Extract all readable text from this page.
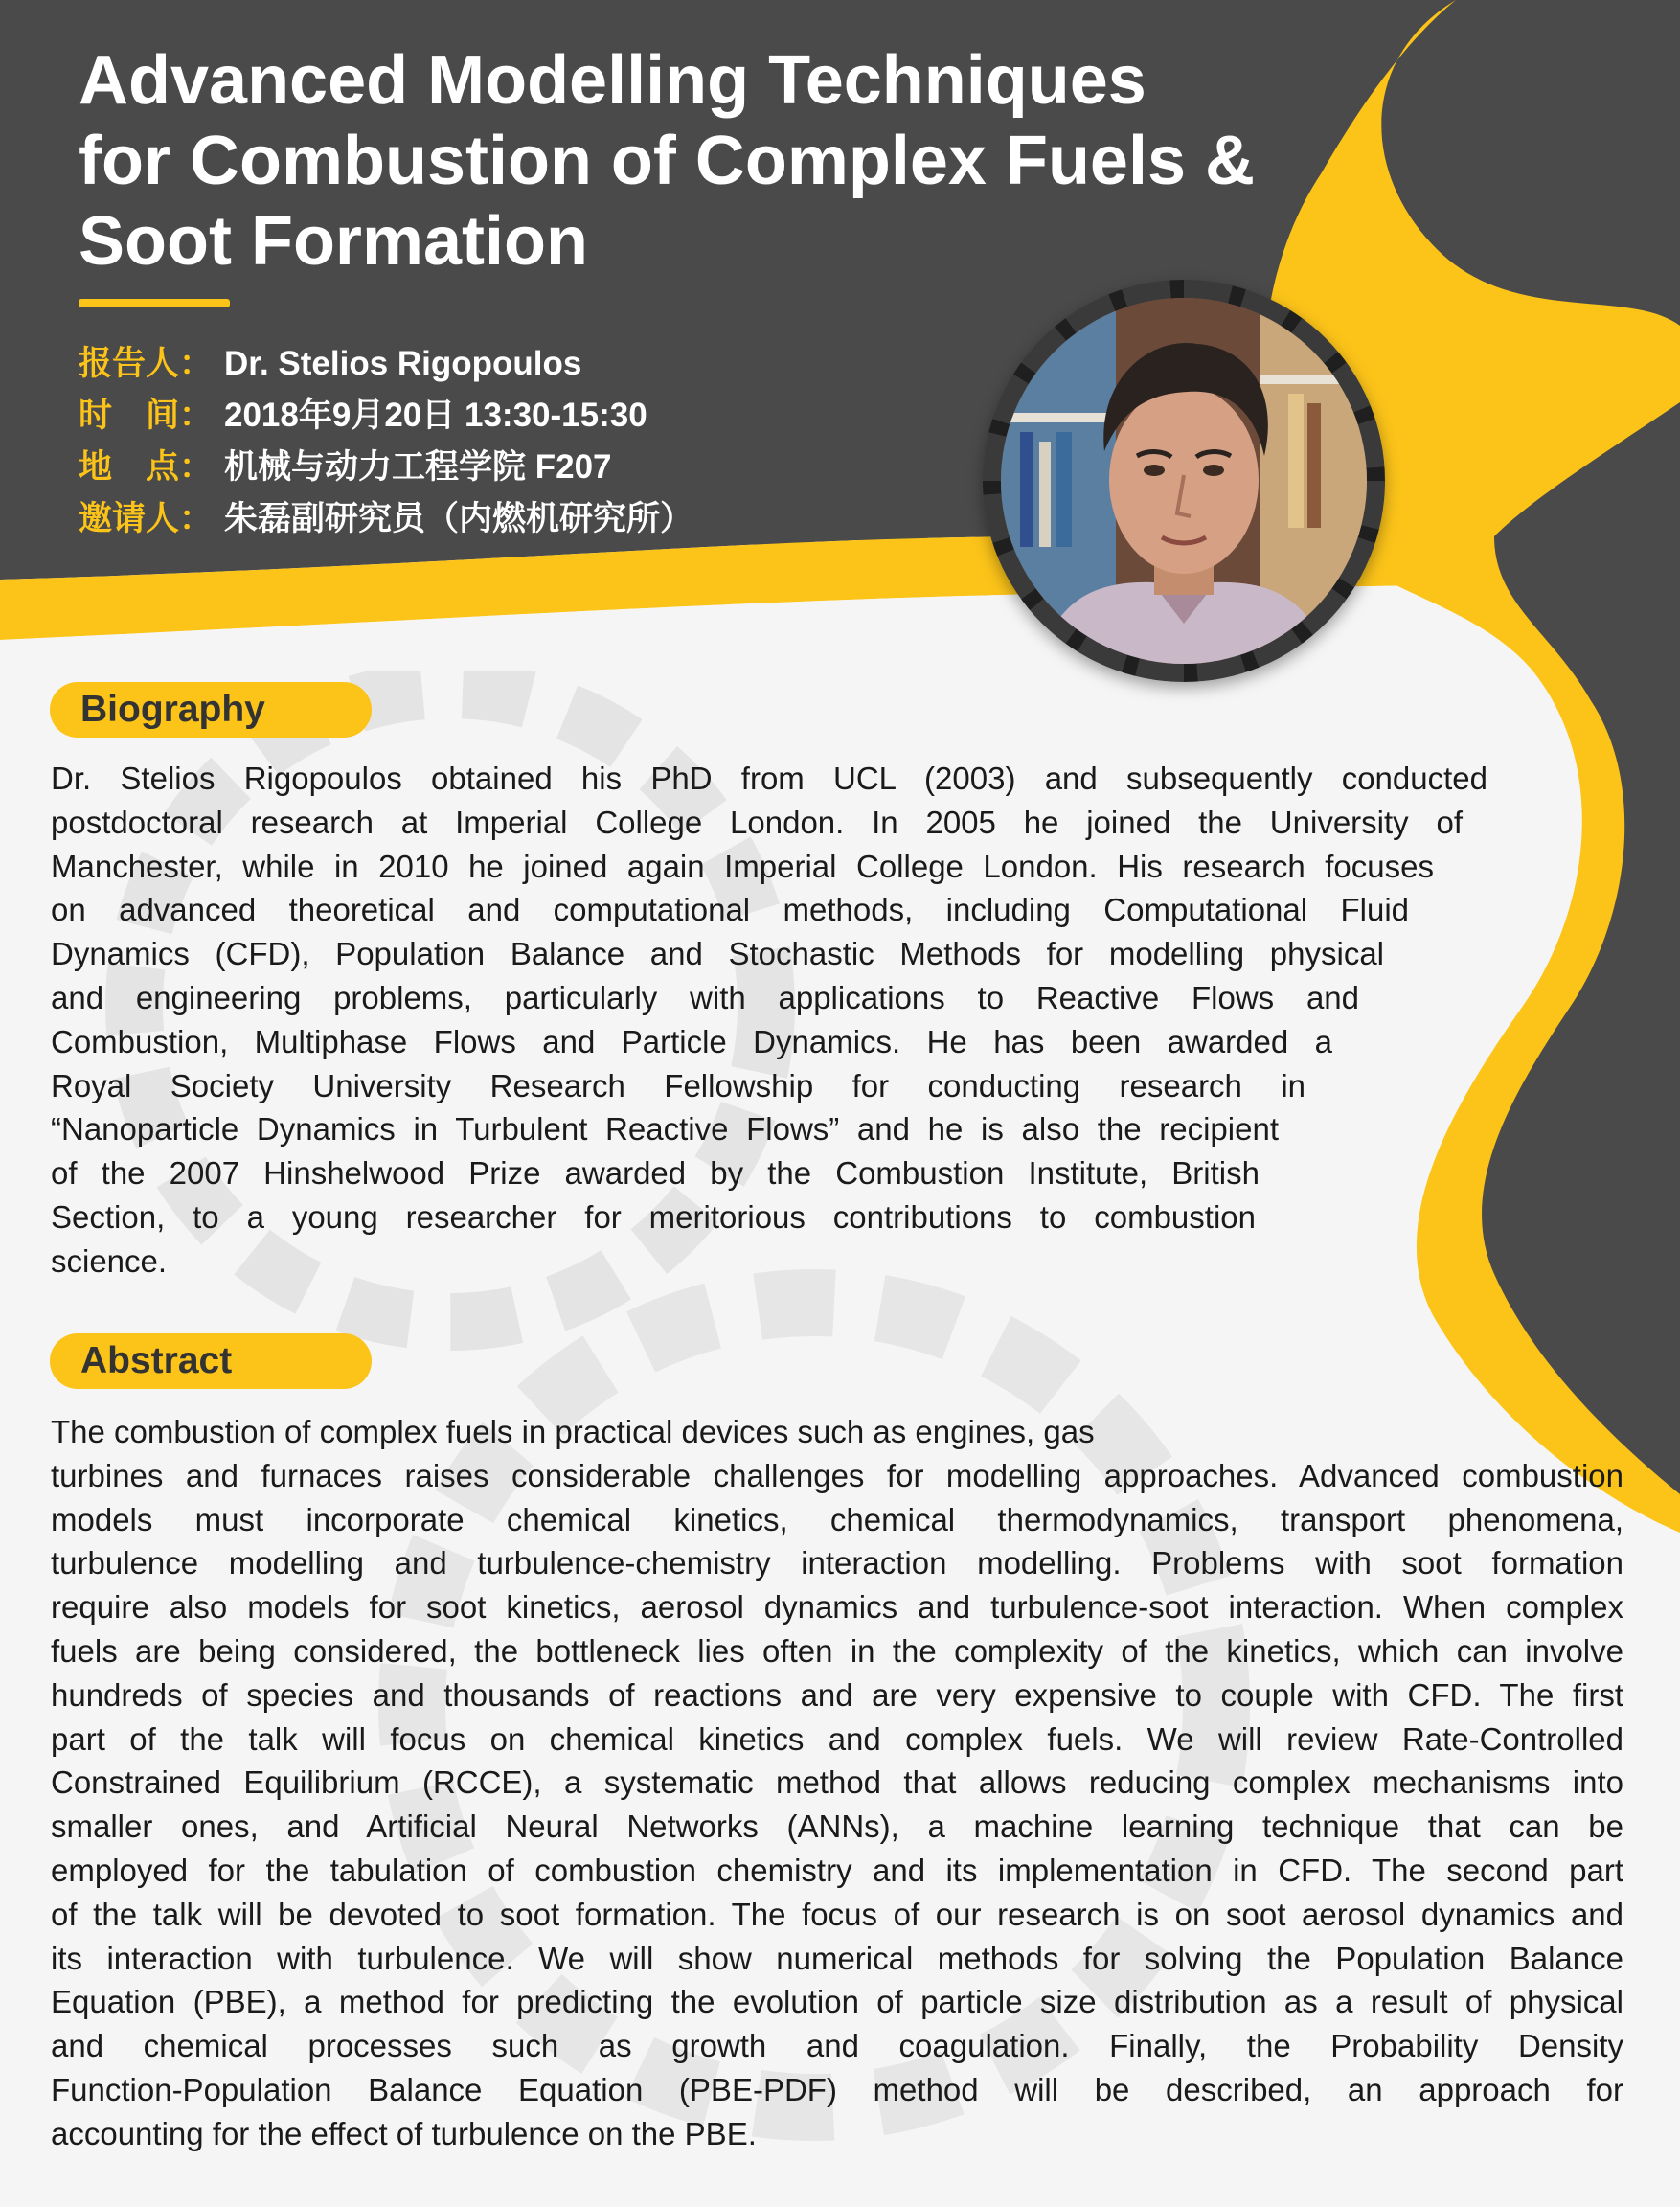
Advanced Modelling Techniques
for Combustion of Complex Fuels &
Soot Formation
报告人： Dr. Stelios Rigopoulos
时　间： 2018年9月20日 13:30-15:30
地　点： 机械与动力工程学院 F207
邀请人： 朱磊副研究员（内燃机研究所）
Biography

Dr. Stelios Rigopoulos obtained his PhD from UCL (2003) and subsequently conducted
postdoctoral research at Imperial College London. In 2005 he joined the University of
Manchester, while in 2010 he joined again Imperial College London. His research focuses
on advanced theoretical and computational methods, including Computational Fluid
Dynamics (CFD), Population Balance and Stochastic Methods for modelling physical
and engineering problems, particularly with applications to Reactive Flows and
Combustion, Multiphase Flows and Particle Dynamics. He has been awarded a
Royal Society University Research Fellowship for conducting research in
“Nanoparticle Dynamics in Turbulent Reactive Flows” and he is also the recipient
of the 2007 Hinshelwood Prize awarded by the Combustion Institute, British
Section, to a young researcher for meritorious contributions to combustion
science.

Abstract

The combustion of complex fuels in practical devices such as engines, gas
turbines and furnaces raises considerable challenges for modelling approaches. Advanced combustion
models must incorporate chemical kinetics, chemical thermodynamics, transport phenomena,
turbulence modelling and turbulence-chemistry interaction modelling. Problems with soot formation
require also models for soot kinetics, aerosol dynamics and turbulence-soot interaction. When complex
fuels are being considered, the bottleneck lies often in the complexity of the kinetics, which can involve
hundreds of species and thousands of reactions and are very expensive to couple with CFD. The first
part of the talk will focus on chemical kinetics and complex fuels. We will review Rate-Controlled
Constrained Equilibrium (RCCE), a systematic method that allows reducing complex mechanisms into
smaller ones, and Artificial Neural Networks (ANNs), a machine learning technique that can be
employed for the tabulation of combustion chemistry and its implementation in CFD. The second part
of the talk will be devoted to soot formation. The focus of our research is on soot aerosol dynamics and
its interaction with turbulence. We will show numerical methods for solving the Population Balance
Equation (PBE), a method for predicting the evolution of particle size distribution as a result of physical
and chemical processes such as growth and coagulation. Finally, the Probability Density
Function-Population Balance Equation (PBE-PDF) method will be described, an approach for
accounting for the effect of turbulence on the PBE.
